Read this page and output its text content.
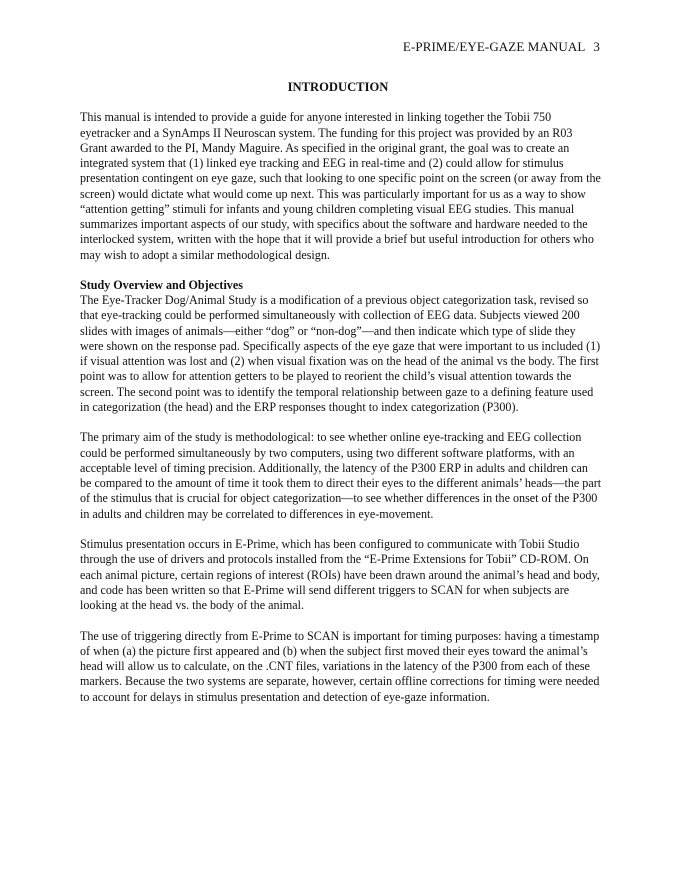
E-PRIME/EYE-GAZE MANUAL 3
INTRODUCTION

This manual is intended to provide a guide for anyone interested in linking together the Tobii 750 eyetracker and a SynAmps II Neuroscan system. The funding for this project was provided by an R03 Grant awarded to the PI, Mandy Maguire. As specified in the original grant, the goal was to create an integrated system that (1) linked eye tracking and EEG in real-time and (2) could allow for stimulus presentation contingent on eye gaze, such that looking to one specific point on the screen (or away from the screen) would dictate what would come up next. This was particularly important for us as a way to show “attention getting” stimuli for infants and young children completing visual EEG studies. This manual summarizes important aspects of our study, with specifics about the software and hardware needed to the interlocked system, written with the hope that it will provide a brief but useful introduction for others who may wish to adopt a similar methodological design.

Study Overview and Objectives

The Eye-Tracker Dog/Animal Study is a modification of a previous object categorization task, revised so that eye-tracking could be performed simultaneously with collection of EEG data. Subjects viewed 200 slides with images of animals—either “dog” or “non-dog”—and then indicate which type of slide they were shown on the response pad. Specifically aspects of the eye gaze that were important to us included (1) if visual attention was lost and (2) when visual fixation was on the head of the animal vs the body. The first point was to allow for attention getters to be played to reorient the child’s visual attention towards the screen. The second point was to identify the temporal relationship between gaze to a defining feature used in categorization (the head) and the ERP responses thought to index categorization (P300).

The primary aim of the study is methodological: to see whether online eye-tracking and EEG collection could be performed simultaneously by two computers, using two different software platforms, with an acceptable level of timing precision. Additionally, the latency of the P300 ERP in adults and children can be compared to the amount of time it took them to direct their eyes to the different animals’ heads—the part of the stimulus that is crucial for object categorization—to see whether differences in the onset of the P300 in adults and children may be correlated to differences in eye-movement.

Stimulus presentation occurs in E-Prime, which has been configured to communicate with Tobii Studio through the use of drivers and protocols installed from the “E-Prime Extensions for Tobii” CD-ROM. On each animal picture, certain regions of interest (ROIs) have been drawn around the animal’s head and body, and code has been written so that E-Prime will send different triggers to SCAN for when subjects are looking at the head vs. the body of the animal.

The use of triggering directly from E-Prime to SCAN is important for timing purposes: having a timestamp of when (a) the picture first appeared and (b) when the subject first moved their eyes toward the animal’s head will allow us to calculate, on the .CNT files, variations in the latency of the P300 from each of these markers. Because the two systems are separate, however, certain offline corrections for timing were needed to account for delays in stimulus presentation and detection of eye-gaze information.
